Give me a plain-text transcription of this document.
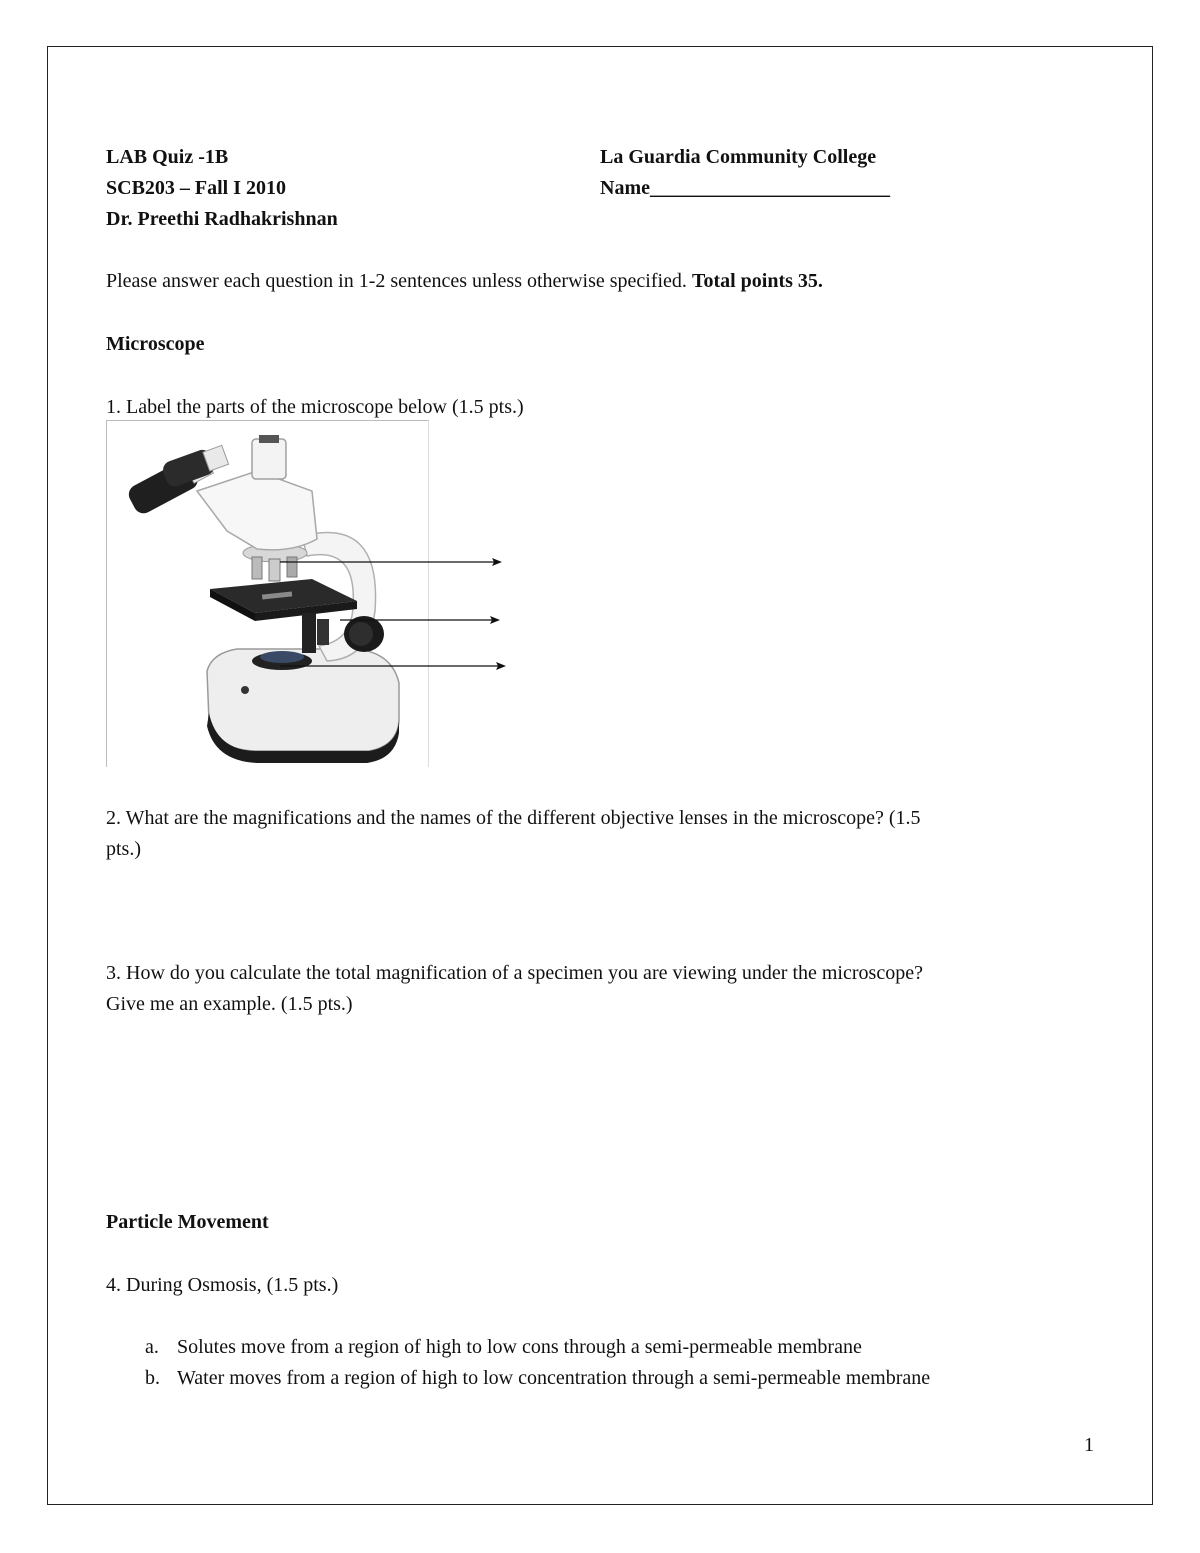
LAB Quiz -1B
SCB203 – Fall I 2010
Dr. Preethi Radhakrishnan
La Guardia Community College
Name________________________
Please answer each question in 1-2 sentences unless otherwise specified. Total points 35.
Microscope
1. Label the parts of the microscope below (1.5 pts.)
2. What are the magnifications and the names of the different objective lenses in the microscope? (1.5
pts.)
3. How do you calculate the total magnification of a specimen you are viewing under the microscope?
Give me an example. (1.5 pts.)
Particle Movement
4. During Osmosis, (1.5 pts.)
a. Solutes move from a region of high to low cons through a semi-permeable membrane
b. Water moves from a region of high to low concentration through a semi-permeable membrane
1
